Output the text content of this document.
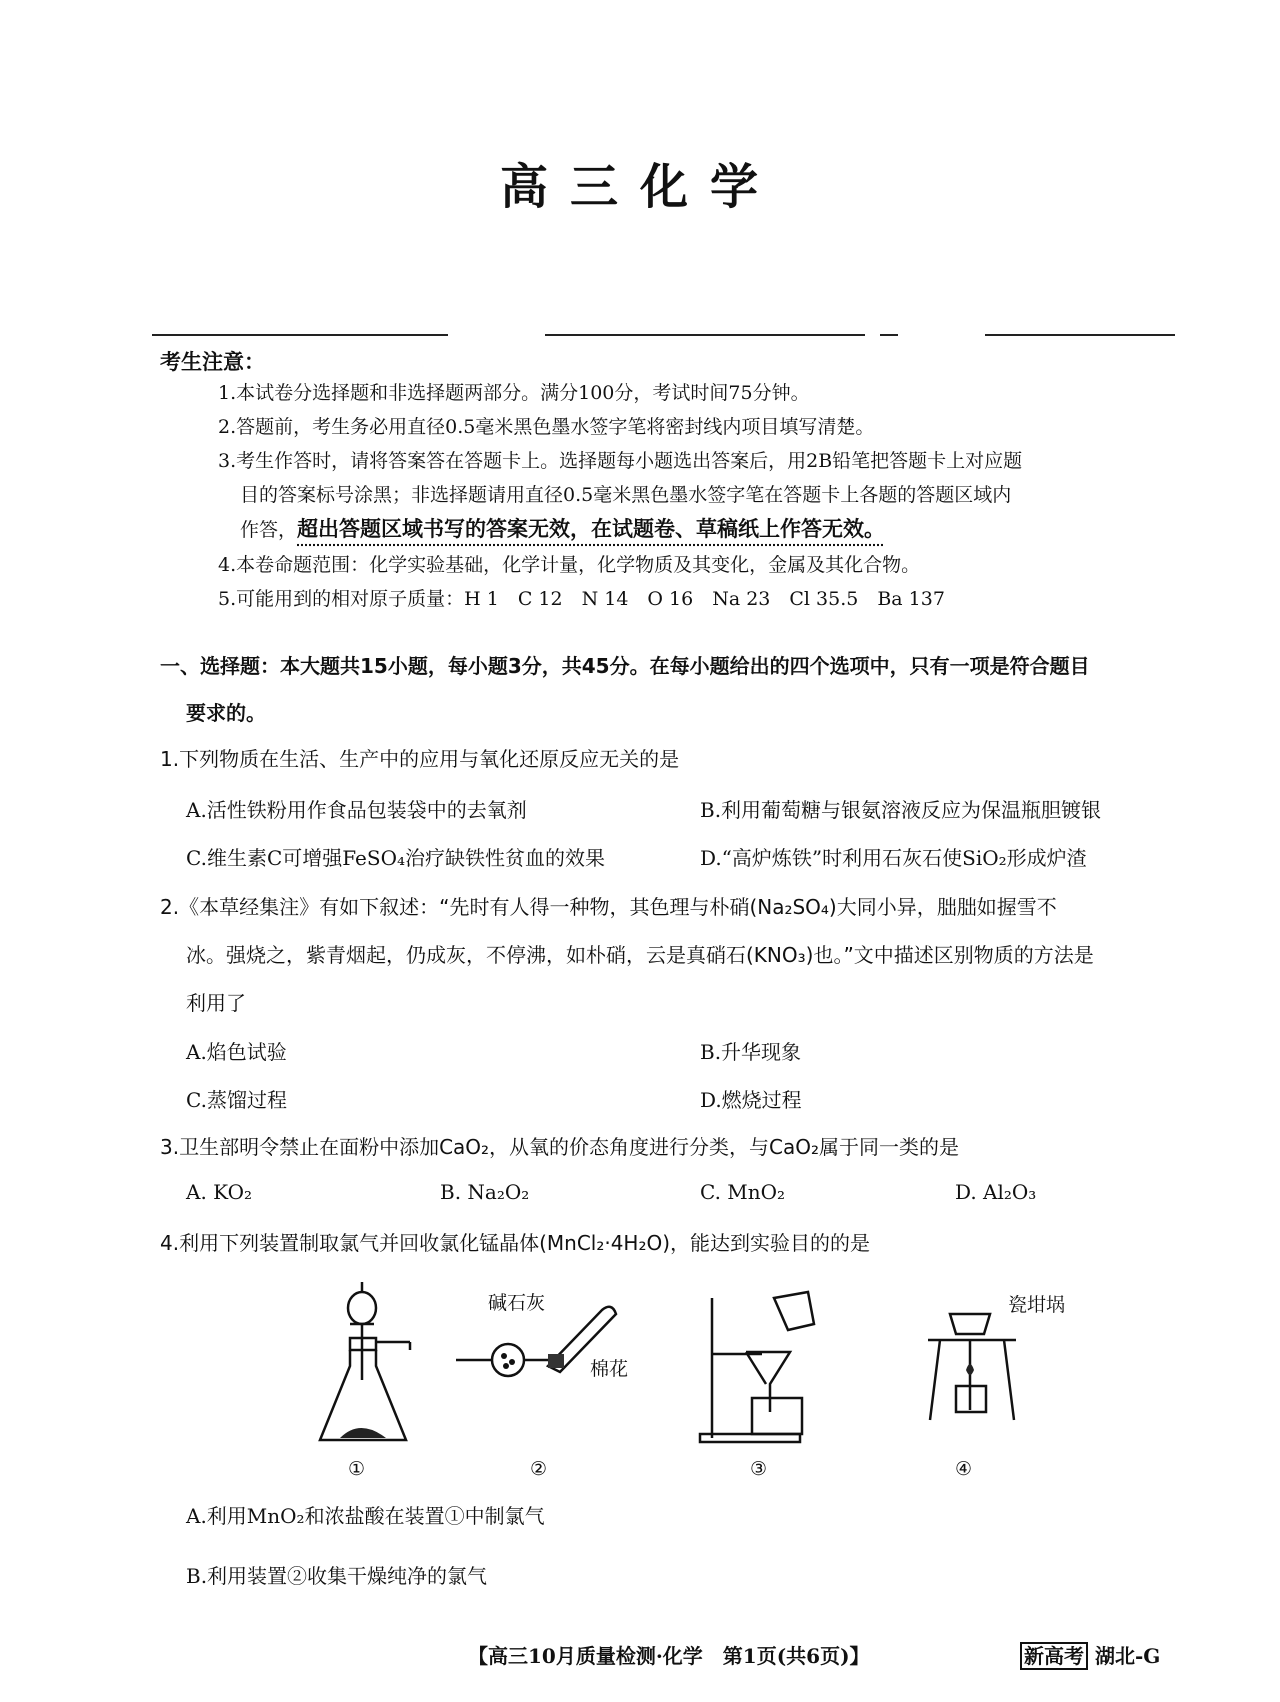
高三化学
考生注意：
1.本试卷分选择题和非选择题两部分。满分100分，考试时间75分钟。
2.答题前，考生务必用直径0.5毫米黑色墨水签字笔将密封线内项目填写清楚。
3.考生作答时，请将答案答在答题卡上。选择题每小题选出答案后，用2B铅笔把答题卡上对应题
目的答案标号涂黑；非选择题请用直径0.5毫米黑色墨水签字笔在答题卡上各题的答题区域内
作答，超出答题区域书写的答案无效，在试题卷、草稿纸上作答无效。
4.本卷命题范围：化学实验基础，化学计量，化学物质及其变化，金属及其化合物。
5.可能用到的相对原子质量：H 1　C 12　N 14　O 16　Na 23　Cl 35.5　Ba 137
一、选择题：本大题共15小题，每小题3分，共45分。在每小题给出的四个选项中，只有一项是符合题目
要求的。
1.下列物质在生活、生产中的应用与氧化还原反应无关的是
A.活性铁粉用作食品包装袋中的去氧剂	B.利用葡萄糖与银氨溶液反应为保温瓶胆镀银
C.维生素C可增强FeSO₄治疗缺铁性贫血的效果	D.“高炉炼铁”时利用石灰石使SiO₂形成炉渣
2.《本草经集注》有如下叙述：“先时有人得一种物，其色理与朴硝(Na₂SO₄)大同小异，朏朏如握雪不
冰。强烧之，紫青烟起，仍成灰，不停沸，如朴硝，云是真硝石(KNO₃)也。”文中描述区别物质的方法是
利用了
A.焰色试验	B.升华现象
C.蒸馏过程	D.燃烧过程
3.卫生部明令禁止在面粉中添加CaO₂，从氧的价态角度进行分类，与CaO₂属于同一类的是
A. KO₂	B. Na₂O₂	C. MnO₂	D. Al₂O₃
4.利用下列装置制取氯气并回收氯化锰晶体(MnCl₂·4H₂O)，能达到实验目的的是
碱石灰
棉花
瓷坩埚
①	②	③	④
A.利用MnO₂和浓盐酸在装置①中制氯气
B.利用装置②收集干燥纯净的氯气
【高三10月质量检测·化学　第1页(共6页)】	新高考 湖北-G
